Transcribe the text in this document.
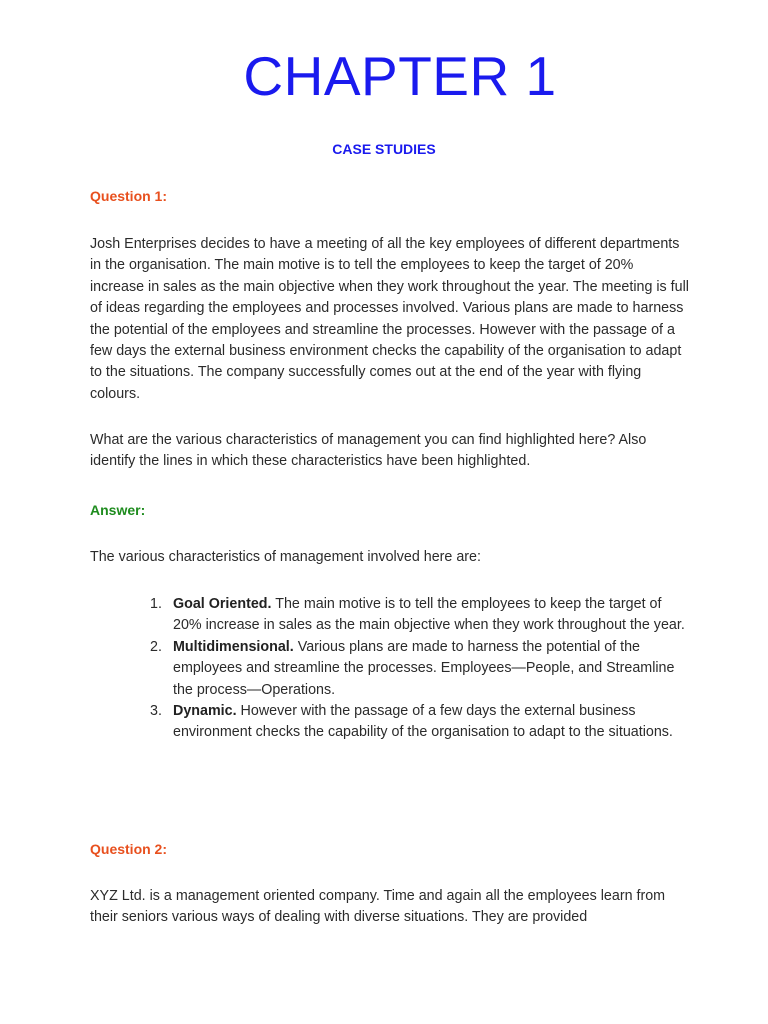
CHAPTER 1
CASE STUDIES
Question 1:

Josh Enterprises decides to have a meeting of all the key employees of different departments in the organisation. The main motive is to tell the employees to keep the target of 20% increase in sales as the main objective when they work throughout the year. The meeting is full of ideas regarding the employees and processes involved. Various plans are made to harness the potential of the employees and streamline the processes. However with the passage of a few days the external business environment checks the capability of the organisation to adapt to the situations. The company successfully comes out at the end of the year with flying colours.

What are the various characteristics of management you can find highlighted here? Also identify the lines in which these characteristics have been highlighted.

Answer:

The various characteristics of management involved here are:

1. Goal Oriented. The main motive is to tell the employees to keep the target of 20% increase in sales as the main objective when they work throughout the year.
2. Multidimensional. Various plans are made to harness the potential of the employees and streamline the processes. Employees—People, and Streamline the process—Operations.
3. Dynamic. However with the passage of a few days the external business environment checks the capability of the organisation to adapt to the situations.
Question 2:

XYZ Ltd. is a management oriented company. Time and again all the employees learn from their seniors various ways of dealing with diverse situations. They are provided
